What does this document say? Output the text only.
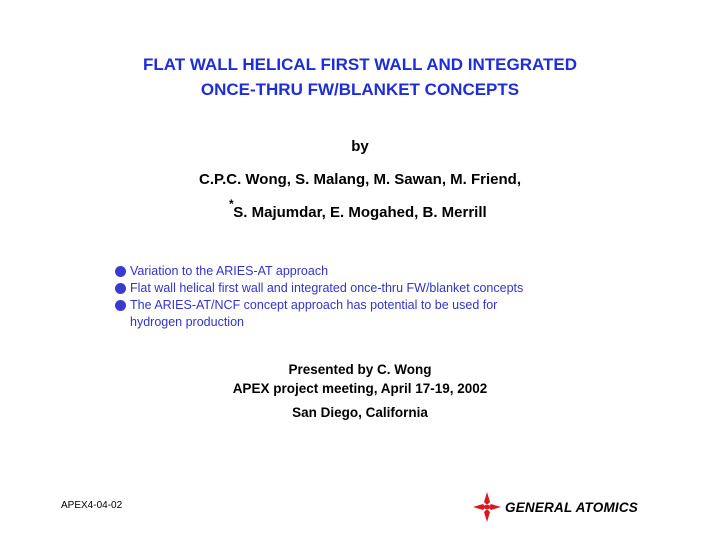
FLAT WALL HELICAL FIRST WALL AND INTEGRATED
ONCE-THRU FW/BLANKET CONCEPTS
by
C.P.C. Wong, S. Malang, M. Sawan, M. Friend,
S. Majumdar, E. Mogahed, B. Merrill
*
Variation to the ARIES-AT approach
Flat wall helical first wall and integrated once-thru FW/blanket concepts
The ARIES-AT/NCF concept approach has potential to be used for
hydrogen production
Presented by C. Wong
APEX project meeting, April 17-19, 2002
San Diego, California
APEX4-04-02	GENERAL ATOMICS
